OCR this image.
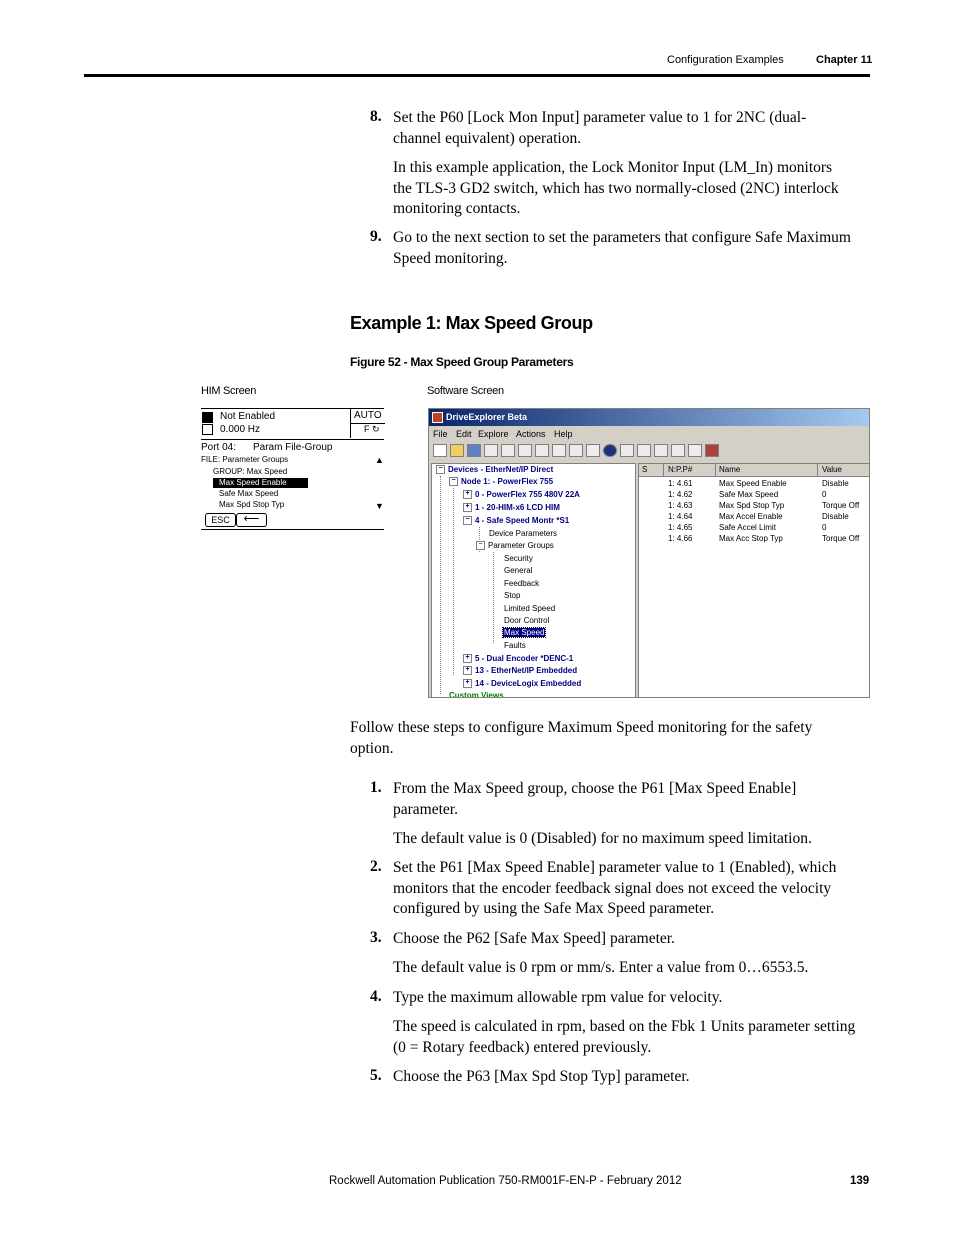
Configuration Examples	Chapter 11
8. Set the P60 [Lock Mon Input] parameter value to 1 for 2NC (dual-
channel equivalent) operation.
In this example application, the Lock Monitor Input (LM_In) monitors
the TLS-3 GD2 switch, which has two normally-closed (2NC) interlock
monitoring contacts.
9. Go to the next section to set the parameters that configure Safe Maximum
Speed monitoring.
Example 1: Max Speed Group
Figure 52 - Max Speed Group Parameters
HIM Screen
Not Enabled
0.000 Hz
AUTO
F ↻
Port 04: Param File-Group
FILE: Parameter Groups	▲
GROUP: Max Speed
Max Speed Enable
Safe Max Speed
Max Spd Stop Typ	▼
ESC	⟵
Software Screen
DriveExplorer Beta
File Edit Explore Actions Help
− Devices - EtherNet/IP Direct
− Node 1: - PowerFlex 755
+ 0 - PowerFlex 755 480V 22A
+ 1 - 20-HIM-x6 LCD HIM
− 4 - Safe Speed Montr *S1
Device Parameters
− Parameter Groups
Security
General
Feedback
Stop
Limited Speed
Door Control
Max Speed
Faults
+ 5 - Dual Encoder *DENC-1
+ 13 - EtherNet/IP Embedded
+ 14 - DeviceLogix Embedded
Custom Views
S	N:P.P#	Name	Value
1: 4.61	Max Speed Enable	Disable
1: 4.62	Safe Max Speed	0
1: 4.63	Max Spd Stop Typ	Torque Off
1: 4.64	Max Accel Enable	Disable
1: 4.65	Safe Accel Limit	0
1: 4.66	Max Acc Stop Typ	Torque Off
Follow these steps to configure Maximum Speed monitoring for the safety
option.
1. From the Max Speed group, choose the P61 [Max Speed Enable]
parameter.
The default value is 0 (Disabled) for no maximum speed limitation.
2. Set the P61 [Max Speed Enable] parameter value to 1 (Enabled), which
monitors that the encoder feedback signal does not exceed the velocity
configured by using the Safe Max Speed parameter.
3. Choose the P62 [Safe Max Speed] parameter.
The default value is 0 rpm or mm/s. Enter a value from 0…6553.5.
4. Type the maximum allowable rpm value for velocity.
The speed is calculated in rpm, based on the Fbk 1 Units parameter setting
(0 = Rotary feedback) entered previously.
5. Choose the P63 [Max Spd Stop Typ] parameter.
Rockwell Automation Publication 750-RM001F-EN-P - February 2012	139
